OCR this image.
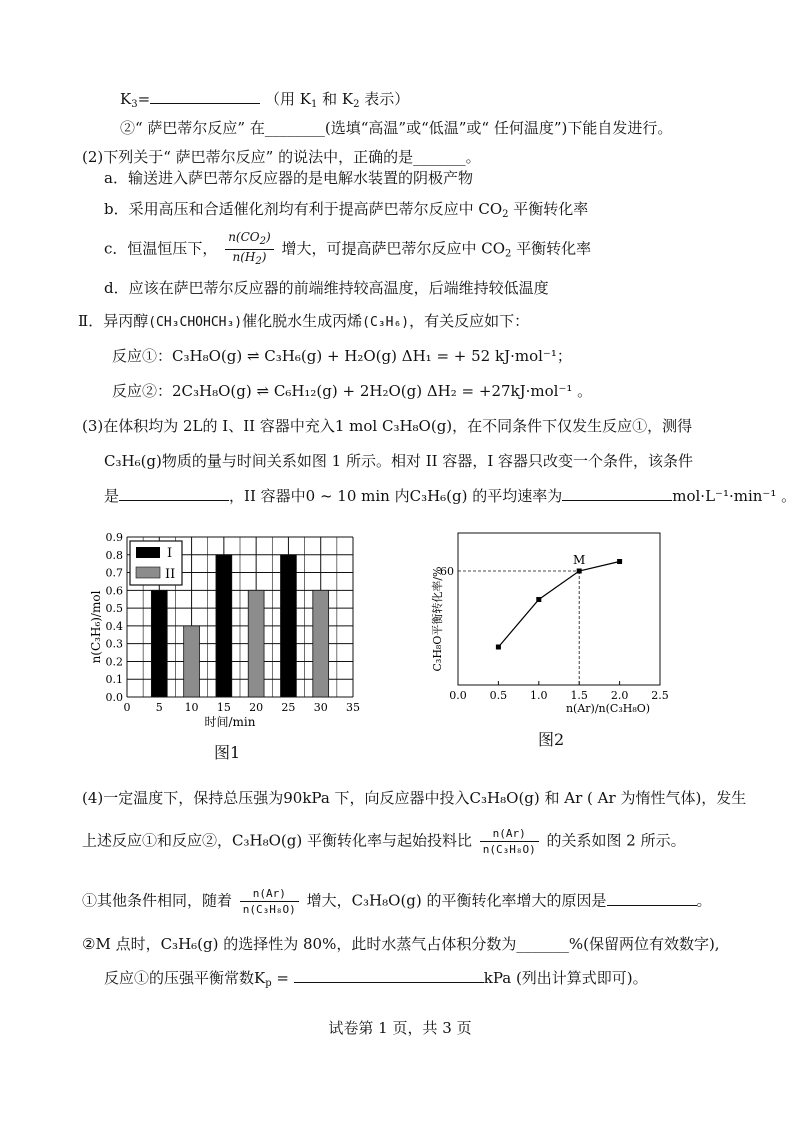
$K_3=$	（用 $K_1$ 和 $K_2$ 表示）
②“ 萨巴蒂尔反应” 在________(选填“高温”或“低温”或“ 任何温度”)下能自发进行。
(2)下列关于“ 萨巴蒂尔反应” 的说法中，正确的是_______。
a．输送进入萨巴蒂尔反应器的是电解水装置的阴极产物
b．采用高压和合适催化剂均有利于提高萨巴蒂尔反应中 $CO_2$ 平衡转化率
c．恒温恒压下， $\frac{n(CO_2)}{n(H_2)}$ 增大，可提高萨巴蒂尔反应中 $CO_2$ 平衡转化率
d．应该在萨巴蒂尔反应器的前端维持较高温度，后端维持较低温度
Ⅱ．异丙醇(CH₃CHOHCH₃)催化脱水生成丙烯(C₃H₆)，有关反应如下：
反应①：C₃H₈O(g) ⇌ C₃H₆(g) + H₂O(g) ΔH₁ = + 52 kJ·mol⁻¹；
反应②：2C₃H₈O(g) ⇌ C₆H₁₂(g) + 2H₂O(g) ΔH₂ = +27kJ·mol⁻¹ 。
(3)在体积均为 2L的 I、II 容器中充入1 mol C₃H₈O(g)，在不同条件下仅发生反应①，测得
C₃H₆(g)物质的量与时间关系如图 1 所示。相对 II 容器，I 容器只改变一个条件，该条件
是	，II 容器中0 ~ 10 min 内C₃H₆(g) 的平均速率为	mol·L⁻¹·min⁻¹ 。
0 5 10 15 20 25 30 35
0.0
0.1
0.2
0.3
0.4
0.5
0.6
0.7
0.8
0.9
I
II
n(C₃H₆)/mol
时间/min
图1
0.0 0.5 1.0 1.5 2.0 2.5
60
M
C₃H₈O平衡转化率/%
n(Ar)/n(C₃H₈O)
图2
(4)一定温度下，保持总压强为90kPa 下，向反应器中投入C₃H₈O(g) 和 Ar ( Ar 为惰性气体)，发生
上述反应①和反应②，C₃H₈O(g) 平衡转化率与起始投料比 $\frac{n(Ar)}{\text{n(C₃H₈O)}}$ 的关系如图 2 所示。
①其他条件相同，随着 $\frac{n(Ar)}{\text{n(C₃H₈O)}}$ 增大，C₃H₈O(g) 的平衡转化率增大的原因是	。
②M 点时，C₃H₆(g) 的选择性为 80%，此时水蒸气占体积分数为_______%(保留两位有效数字),
反应①的压强平衡常数$K_p$ =	kPa (列出计算式即可)。
试卷第 1 页，共 3 页
